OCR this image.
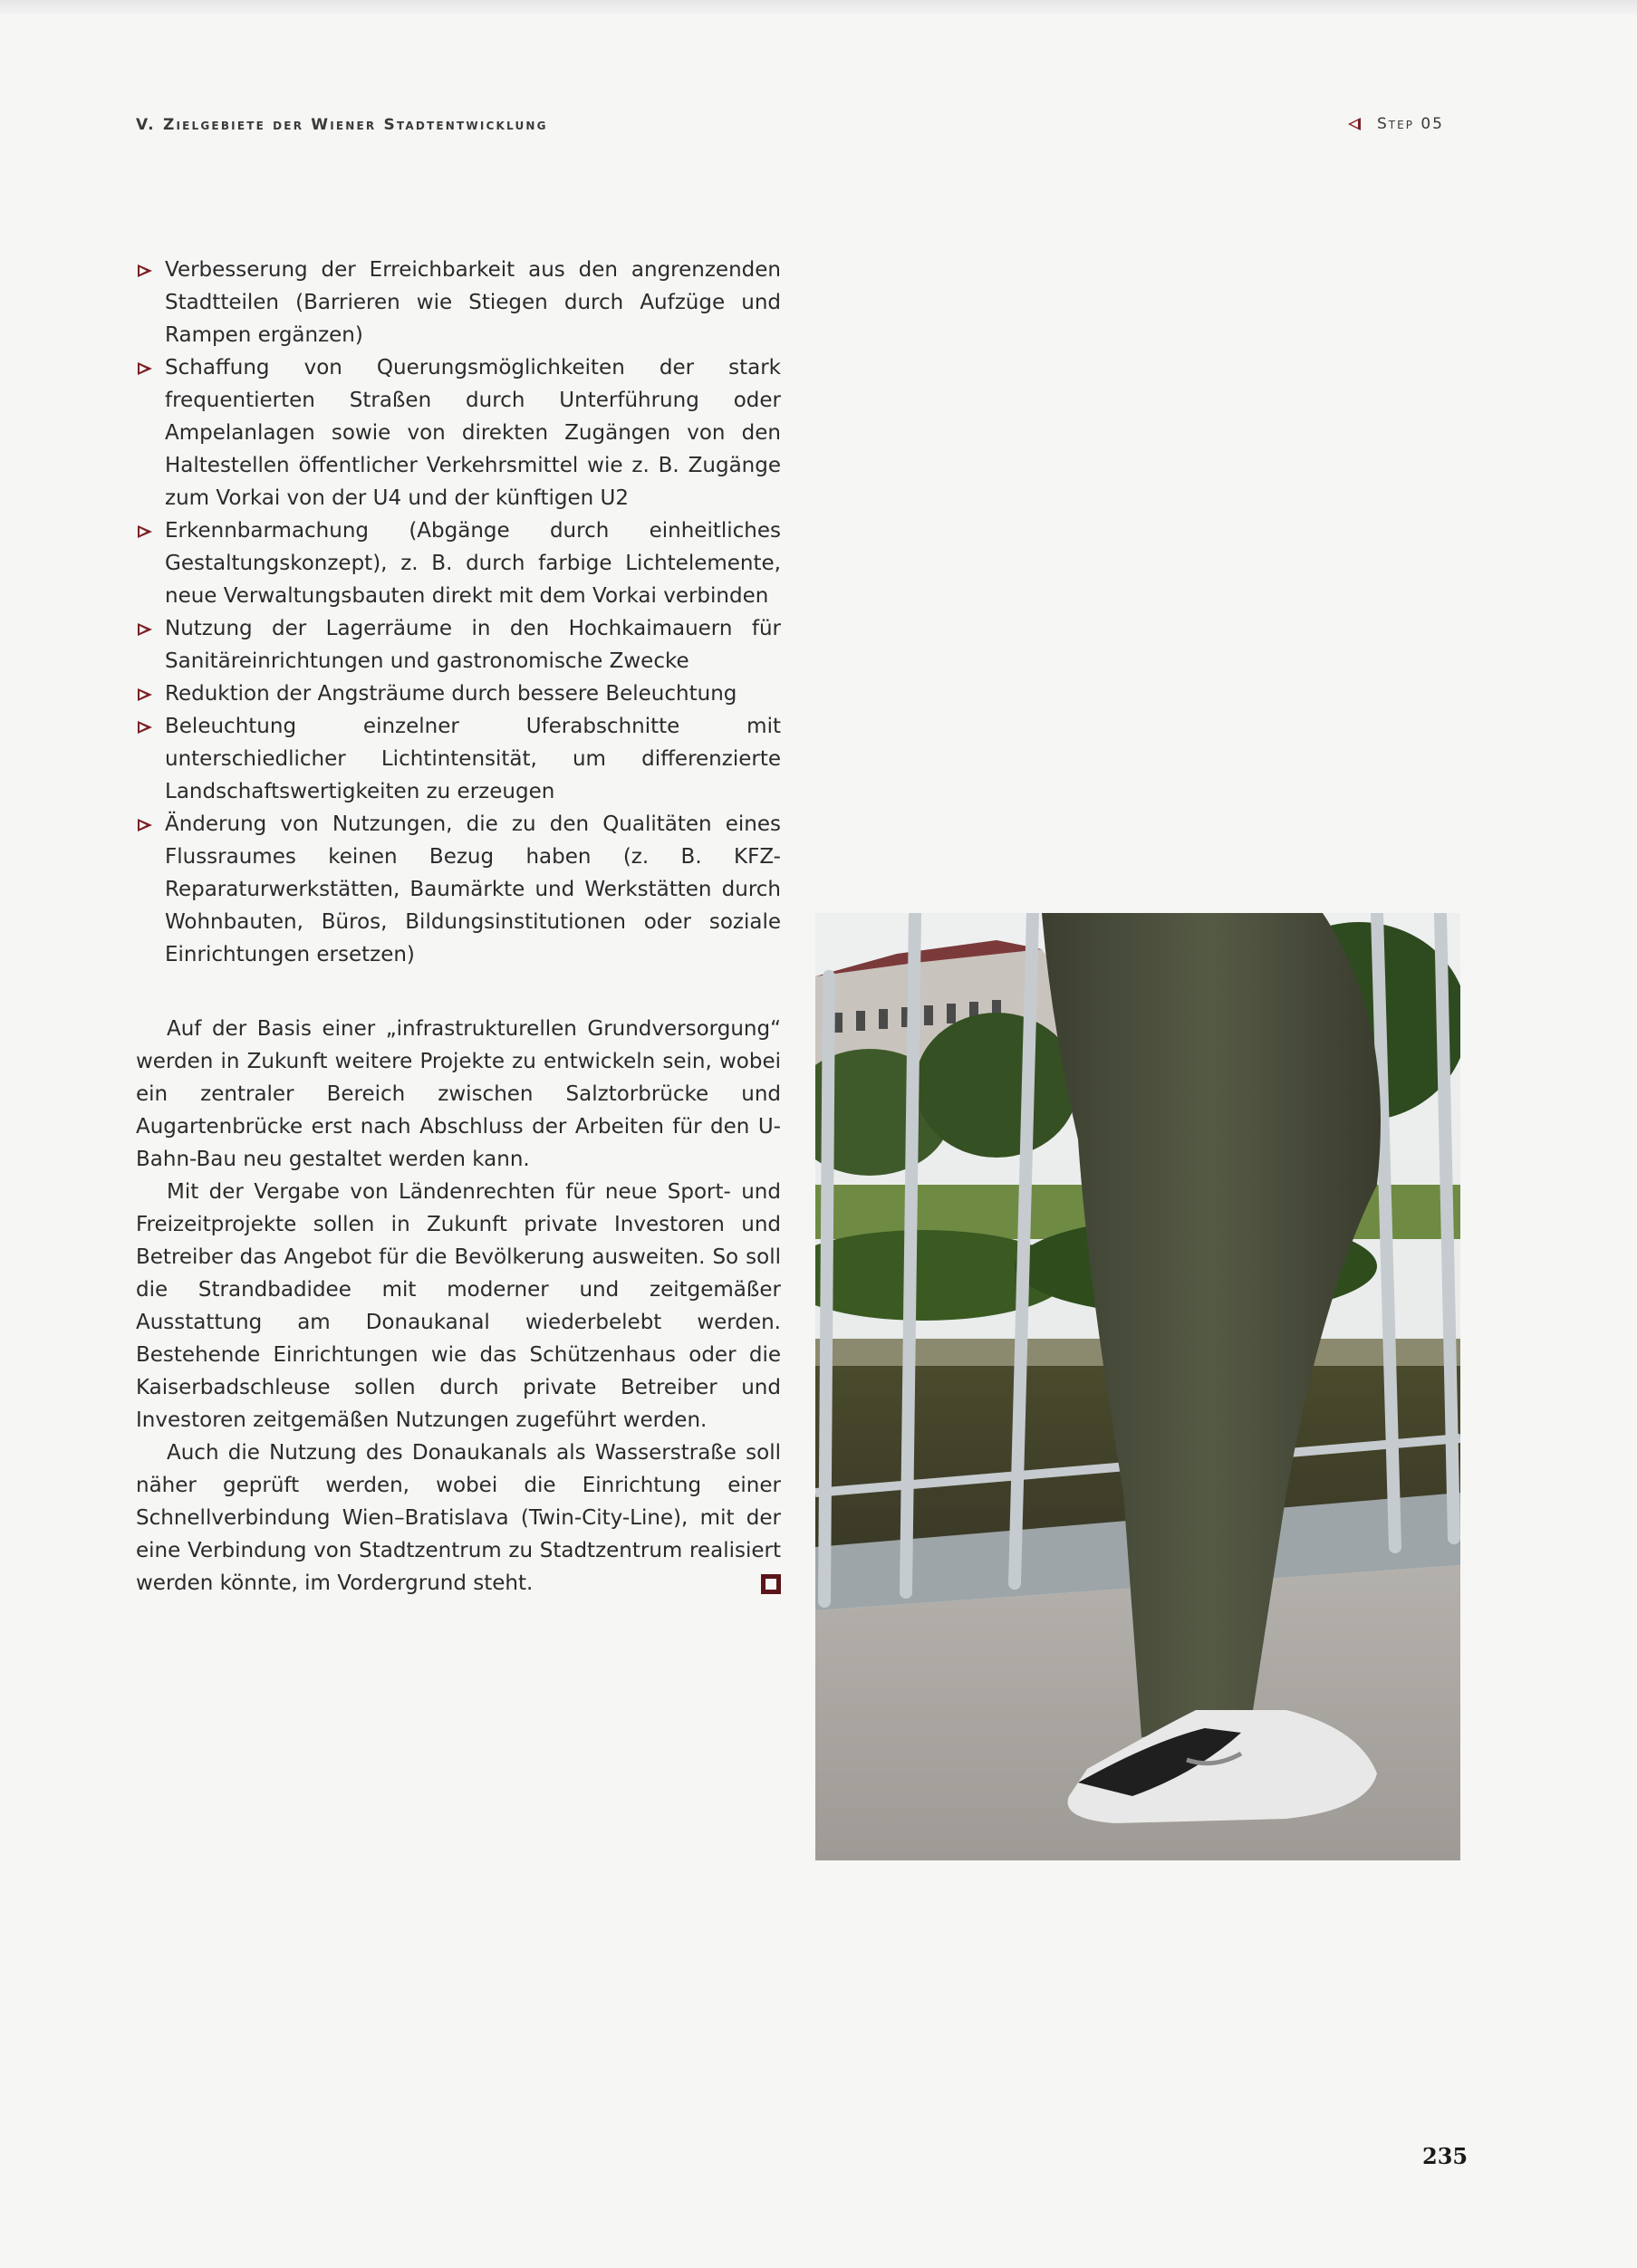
V. Zielgebiete der Wiener Stadtentwicklung	Step 05
Verbesserung der Erreichbarkeit aus den angrenzenden Stadtteilen (Barrieren wie Stiegen durch Aufzüge und Rampen ergänzen)
Schaffung von Querungsmöglichkeiten der stark frequentierten Straßen durch Unterführung oder Ampelanlagen sowie von direkten Zugängen von den Haltestellen öffentlicher Verkehrsmittel wie z. B. Zugänge zum Vorkai von der U4 und der künftigen U2
Erkennbarmachung (Abgänge durch einheitliches Gestaltungskonzept), z. B. durch farbige Lichtelemente, neue Verwaltungsbauten direkt mit dem Vorkai verbinden
Nutzung der Lagerräume in den Hochkaimauern für Sanitäreinrichtungen und gastronomische Zwecke
Reduktion der Angsträume durch bessere Beleuchtung
Beleuchtung einzelner Uferabschnitte mit unterschiedlicher Lichtintensität, um differenzierte Landschaftswertigkeiten zu erzeugen
Änderung von Nutzungen, die zu den Qualitäten eines Flussraumes keinen Bezug haben (z. B. KFZ-Reparaturwerkstätten, Baumärkte und Werkstätten durch Wohnbauten, Büros, Bildungsinstitutionen oder soziale Einrichtungen ersetzen)

Auf der Basis einer „infrastrukturellen Grundversorgung“ werden in Zukunft weitere Projekte zu entwickeln sein, wobei ein zentraler Bereich zwischen Salztorbrücke und Augartenbrücke erst nach Abschluss der Arbeiten für den U-Bahn-Bau neu gestaltet werden kann.

Mit der Vergabe von Ländenrechten für neue Sport- und Freizeitprojekte sollen in Zukunft private Investoren und Betreiber das Angebot für die Bevölkerung ausweiten. So soll die Strandbadidee mit moderner und zeitgemäßer Ausstattung am Donaukanal wiederbelebt werden. Bestehende Einrichtungen wie das Schützenhaus oder die Kaiserbadschleuse sollen durch private Betreiber und Investoren zeitgemäßen Nutzungen zugeführt werden.

Auch die Nutzung des Donaukanals als Wasserstraße soll näher geprüft werden, wobei die Einrichtung einer Schnellverbindung Wien–Bratislava (Twin-City-Line), mit der eine Verbindung von Stadtzentrum zu Stadtzentrum realisiert werden könnte, im Vordergrund steht.

235
